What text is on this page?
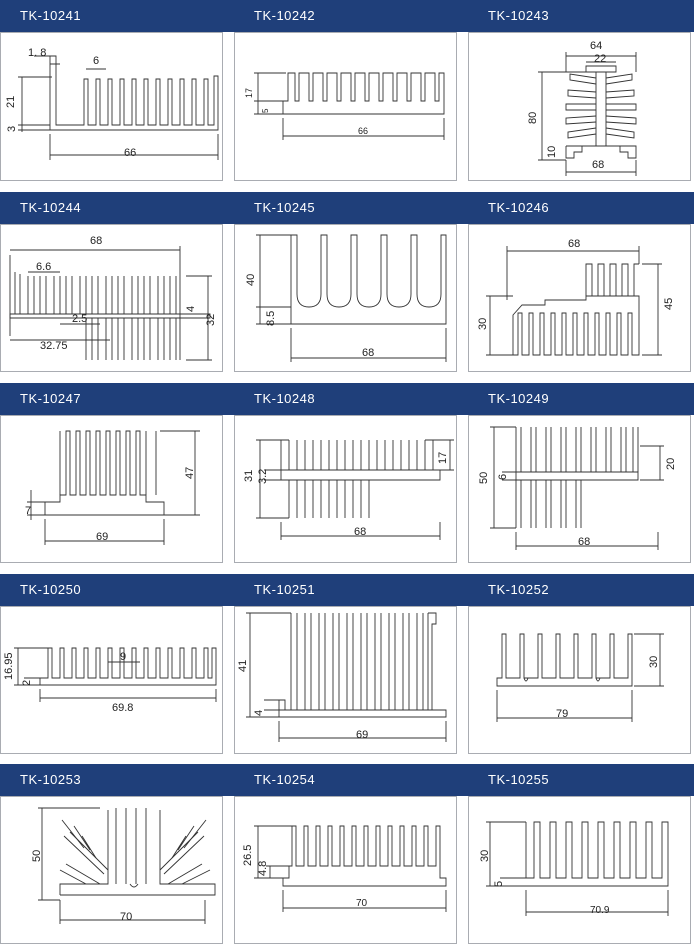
TK-10241	TK-10242	TK-10243
TK-10244	TK-10245	TK-10246
TK-10247	TK-10248	TK-10249
TK-10250	TK-10251	TK-10252
TK-10253	TK-10254	TK-10255
1. 8
6
21
3
66
17
5
66
64
22
80
10
68
68
6.6
4
32
2.5
32.75
40
8.5
68
68
45
30
47
7
69
31 3.2
17
68
50 6
20
68
16.95
2
9
69.8
41
4
69
30
79
50
70
26.5
4.8
70
30
5
70.9
